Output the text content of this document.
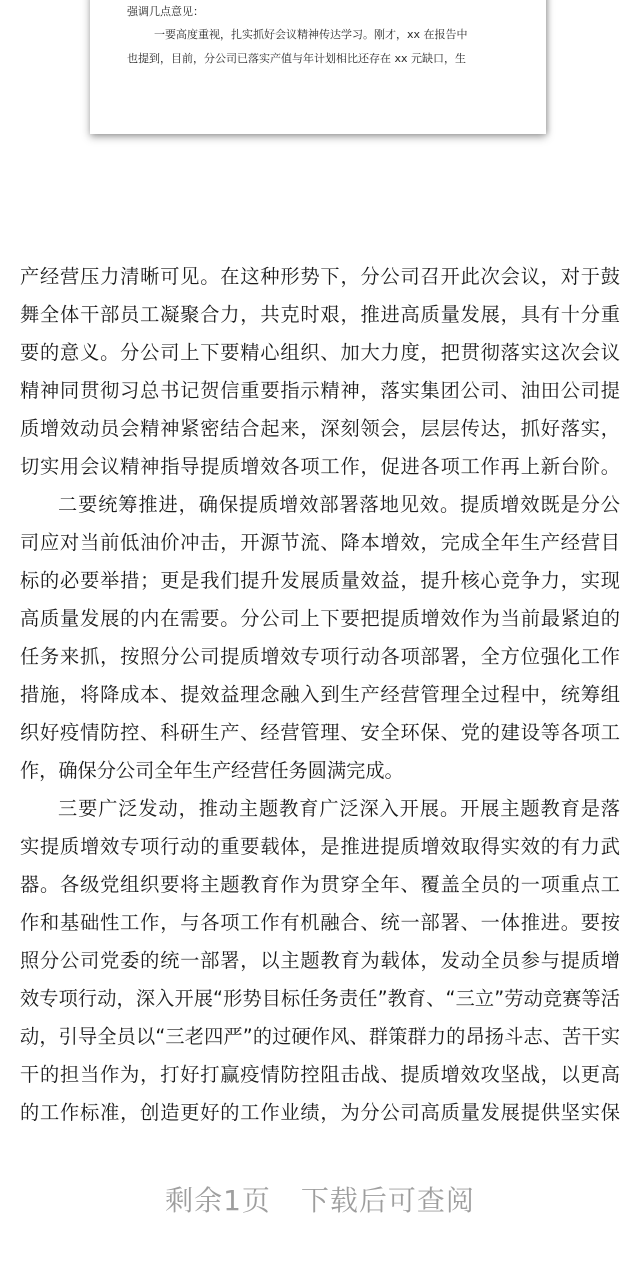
强调几点意见：
一要高度重视，扎实抓好会议精神传达学习。刚才，xx 在报告中
也提到，目前，分公司已落实产值与年计划相比还存在 xx 元缺口，生
产经营压力清晰可见。在这种形势下，分公司召开此次会议，对于鼓
舞全体干部员工凝聚合力，共克时艰，推进高质量发展，具有十分重
要的意义。分公司上下要精心组织、加大力度，把贯彻落实这次会议
精神同贯彻习总书记贺信重要指示精神，落实集团公司、油田公司提
质增效动员会精神紧密结合起来，深刻领会，层层传达，抓好落实，
切实用会议精神指导提质增效各项工作，促进各项工作再上新台阶。
二要统筹推进，确保提质增效部署落地见效。提质增效既是分公
司应对当前低油价冲击，开源节流、降本增效，完成全年生产经营目
标的必要举措；更是我们提升发展质量效益，提升核心竞争力，实现
高质量发展的内在需要。分公司上下要把提质增效作为当前最紧迫的
任务来抓，按照分公司提质增效专项行动各项部署，全方位强化工作
措施，将降成本、提效益理念融入到生产经营管理全过程中，统筹组
织好疫情防控、科研生产、经营管理、安全环保、党的建设等各项工
作，确保分公司全年生产经营任务圆满完成。
三要广泛发动，推动主题教育广泛深入开展。开展主题教育是落
实提质增效专项行动的重要载体，是推进提质增效取得实效的有力武
器。各级党组织要将主题教育作为贯穿全年、覆盖全员的一项重点工
作和基础性工作，与各项工作有机融合、统一部署、一体推进。要按
照分公司党委的统一部署，以主题教育为载体，发动全员参与提质增
效专项行动，深入开展“形势目标任务责任”教育、“三立”劳动竞赛等活
动，引导全员以“三老四严”的过硬作风、群策群力的昂扬斗志、苦干实
干的担当作为，打好打赢疫情防控阻击战、提质增效攻坚战，以更高
的工作标准，创造更好的工作业绩，为分公司高质量发展提供坚实保
剩余1页 下载后可查阅
